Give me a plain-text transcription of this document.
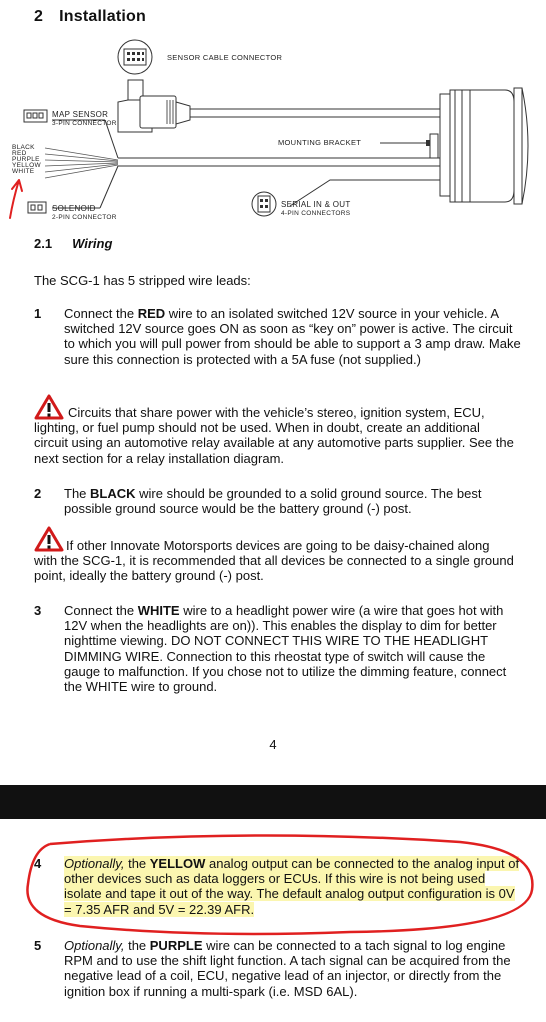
2 Installation
SENSOR CABLE CONNECTOR
MAP SENSOR
3-PIN CONNECTOR
MOUNTING BRACKET
BLACK
RED
PURPLE
YELLOW
WHITE
SOLENOID
2-PIN CONNECTOR
SERIAL IN & OUT
4-PIN CONNECTORS
2.1 Wiring
The SCG-1 has 5 stripped wire leads:
1 Connect the RED wire to an isolated switched 12V source in your vehicle. A switched 12V source goes ON as soon as “key on” power is active. The circuit to which you will pull power from should be able to support a 3 amp draw. Make sure this connection is protected with a 5A fuse (not supplied.)
Circuits that share power with the vehicle’s stereo, ignition system, ECU, lighting, or fuel pump should not be used. When in doubt, create an additional circuit using an automotive relay available at any automotive parts supplier. See the next section for a relay installation diagram.
2 The BLACK wire should be grounded to a solid ground source. The best possible ground source would be the battery ground (-) post.
If other Innovate Motorsports devices are going to be daisy-chained along with the SCG-1, it is recommended that all devices be connected to a single ground point, ideally the battery ground (-) post.
3 Connect the WHITE wire to a headlight power wire (a wire that goes hot with 12V when the headlights are on)). This enables the display to dim for better nighttime viewing. DO NOT CONNECT THIS WIRE TO THE HEADLIGHT DIMMING WIRE. Connection to this rheostat type of switch will cause the gauge to malfunction. If you chose not to utilize the dimming feature, connect the WHITE wire to ground.
4
4 Optionally, the YELLOW analog output can be connected to the analog input of other devices such as data loggers or ECUs. If this wire is not being used isolate and tape it out of the way. The default analog output configuration is 0V = 7.35 AFR and 5V = 22.39 AFR.
5 Optionally, the PURPLE wire can be connected to a tach signal to log engine RPM and to use the shift light function. A tach signal can be acquired from the negative lead of a coil, ECU, negative lead of an injector, or directly from the ignition box if running a multi-spark (i.e. MSD 6AL).
